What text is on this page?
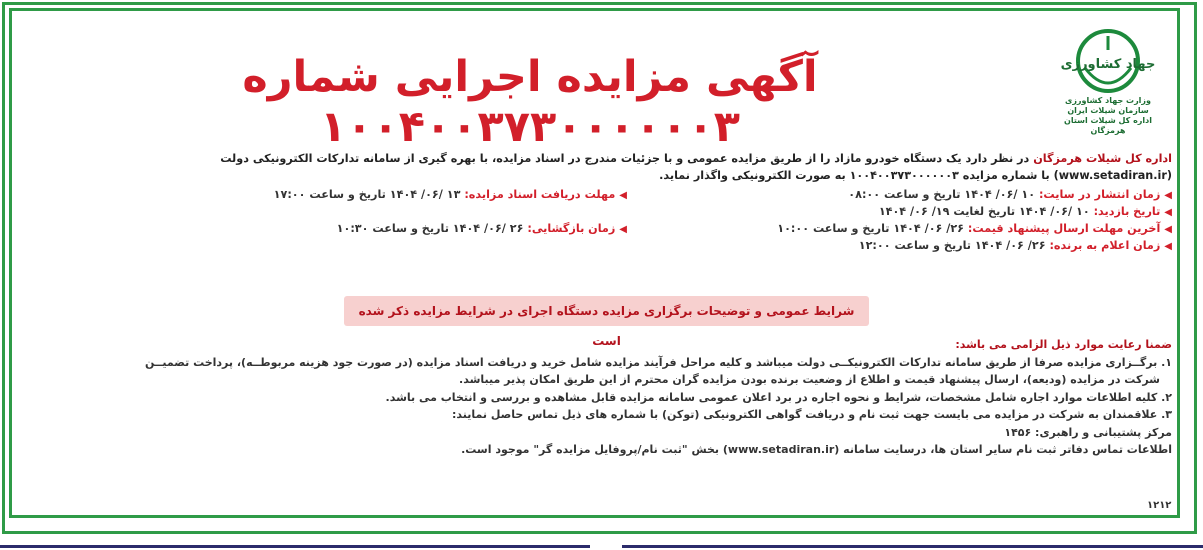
جهاد کشاورزی
وزارت جهاد کشاورزی
سازمان شیلات ایران
اداره کل شیلات استان هرمزگان
آگهی مزایده اجرایی شماره ۱۰۰۴۰۰۳۷۳۰۰۰۰۰۰۳
اداره کل شیلات هرمزگان در نظر دارد یک دستگاه خودرو مازاد را از طریق مزایده عمومی و با جزئیات مندرج در اسناد مزایده، با بهره گیری از سامانه تدارکات الکترونیکی دولت
(www.setadiran.ir) با شماره مزایده ۱۰۰۴۰۰۳۷۳۰۰۰۰۰۰۳ به صورت الکترونیکی واگذار نماید.
◀زمان انتشار در سایت: ۱۰ /۰۶/ ۱۴۰۴ تاریخ و ساعت ۰۸:۰۰
◀مهلت دریافت اسناد مزایده: ۱۳ /۰۶/ ۱۴۰۴ تاریخ و ساعت ۱۷:۰۰
◀تاریخ بازدید: ۱۰ /۰۶/ ۱۴۰۴ تاریخ لغایت ۱۹/ ۰۶/ ۱۴۰۴
◀آخرین مهلت ارسال پیشنهاد قیمت: ۲۶/ ۰۶/ ۱۴۰۴ تاریخ و ساعت ۱۰:۰۰
◀زمان بازگشایی: ۲۶ /۰۶/ ۱۴۰۴ تاریخ و ساعت ۱۰:۳۰
◀زمان اعلام به برنده: ۲۶/ ۰۶/ ۱۴۰۴ تاریخ و ساعت ۱۲:۰۰
شرایط عمومی و توضیحات برگزاری مزایده دستگاه اجرای در شرایط مزایده ذکر شده است	ضمنا رعایت موارد ذیل الزامی می باشد:

۱. برگــزاری مزایده صرفا از طریق سامانه تدارکات الکترونیکــی دولت میباشد و کلیه مراحل فرآیند مزایده شامل خرید و دریافت اسناد مزایده (در صورت جود هزینه مربوطــه)، پرداخت تضمیــن

شرکت در مزایده (ودیعه)، ارسال پیشنهاد قیمت و اطلاع از وضعیت برنده بودن مزایده گران محترم از این طریق امکان پذیر میباشد.

۲. کلیه اطلاعات موارد اجاره شامل مشخصات، شرایط و نحوه اجاره در برد اعلان عمومی سامانه مزایده قابل مشاهده و بررسی و انتخاب می باشد.

۳. علاقمندان به شرکت در مزایده می بایست جهت ثبت نام و دریافت گواهی الکترونیکی (توکن) با شماره های ذیل تماس حاصل نمایند:

مرکز پشتیبانی و راهبری: ۱۴۵۶

اطلاعات تماس دفاتر ثبت نام سایر استان ها، درسایت سامانه (www.setadiran.ir) بخش "ثبت نام/پروفایل مزایده گر" موجود است.

۱۲۱۲
